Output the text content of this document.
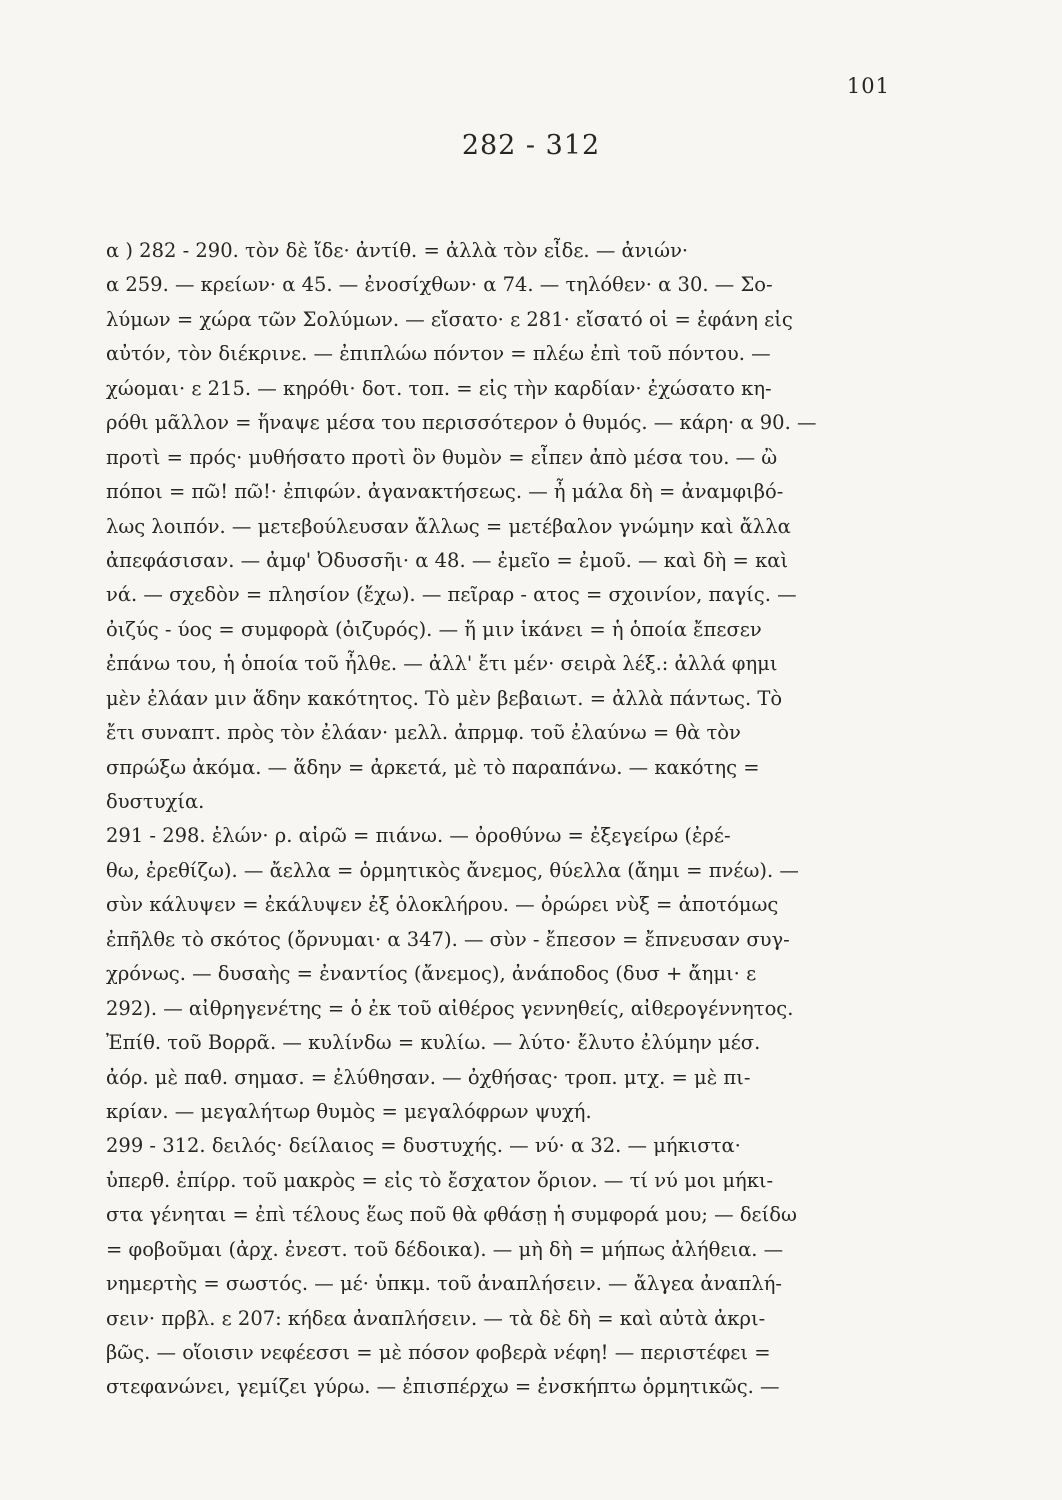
101
282 - 312
α ) 282 - 290. τὸν δὲ ἴδε· ἀντίθ. = ἀλλὰ τὸν εἶδε. — ἀνιών·
α 259. — κρείων· α 45. — ἐνοσίχθων· α 74. — τηλόθεν· α 30. — Σο-
λύμων = χώρα τῶν Σολύμων. — εἴσατο· ε 281· εἴσατό οἱ = ἐφάνη εἰς
αὐτόν, τὸν διέκρινε. — ἐπιπλώω πόντον = πλέω ἐπὶ τοῦ πόντου. —
χώομαι· ε 215. — κηρόθι· δοτ. τοπ. = εἰς τὴν καρδίαν· ἐχώσατο κη-
ρόθι μᾶλλον = ἥναψε μέσα του περισσότερον ὁ θυμός. — κάρη· α 90. —
προτὶ = πρός· μυθήσατο προτὶ ὃν θυμὸν = εἶπεν ἀπὸ μέσα του. — ὢ
πόποι = πῶ! πῶ!· ἐπιφών. ἀγανακτήσεως. — ἦ μάλα δὴ = ἀναμφιβό-
λως λοιπόν. — μετεβούλευσαν ἄλλως = μετέβαλον γνώμην καὶ ἄλλα
ἀπεφάσισαν. — ἀμφ' Ὀδυσσῆι· α 48. — ἐμεῖο = ἐμοῦ. — καὶ δὴ = καὶ
νά. — σχεδὸν = πλησίον (ἔχω). — πεῖραρ - ατος = σχοινίον, παγίς. —
ὀιζύς - ύος = συμφορὰ (ὀιζυρός). — ἥ μιν ἱκάνει = ἡ ὁποία ἔπεσεν
ἐπάνω του, ἡ ὁποία τοῦ ἦλθε. — ἀλλ' ἔτι μέν· σειρὰ λέξ.: ἀλλά φημι
μὲν ἐλάαν μιν ἅδην κακότητος. Τὸ μὲν βεβαιωτ. = ἀλλὰ πάντως. Τὸ
ἔτι συναπτ. πρὸς τὸν ἐλάαν· μελλ. ἀπρμφ. τοῦ ἐλαύνω = θὰ τὸν
σπρώξω ἀκόμα. — ἅδην = ἀρκετά, μὲ τὸ παραπάνω. — κακότης =
δυστυχία.
291 - 298. ἑλών· ρ. αἱρῶ = πιάνω. — ὀροθύνω = ἐξεγείρω (ἐρέ-
θω, ἐρεθίζω). — ἄελλα = ὁρμητικὸς ἄνεμος, θύελλα (ἄημι = πνέω). —
σὺν κάλυψεν = ἐκάλυψεν ἐξ ὁλοκλήρου. — ὀρώρει νὺξ = ἀποτόμως
ἐπῆλθε τὸ σκότος (ὄρνυμαι· α 347). — σὺν - ἔπεσον = ἔπνευσαν συγ-
χρόνως. — δυσαὴς = ἐναντίος (ἄνεμος), ἀνάποδος (δυσ + ἄημι· ε
292). — αἰθρηγενέτης = ὁ ἐκ τοῦ αἰθέρος γεννηθείς, αἰθερογέννητος.
Ἐπίθ. τοῦ Βορρᾶ. — κυλίνδω = κυλίω. — λύτο· ἔλυτο ἐλύμην μέσ.
ἀόρ. μὲ παθ. σημασ. = ἐλύθησαν. — ὀχθήσας· τροπ. μτχ. = μὲ πι-
κρίαν. — μεγαλήτωρ θυμὸς = μεγαλόφρων ψυχή.
299 - 312. δειλός· δείλαιος = δυστυχής. — νύ· α 32. — μήκιστα·
ὑπερθ. ἐπίρρ. τοῦ μακρὸς = εἰς τὸ ἔσχατον ὅριον. — τί νύ μοι μήκι-
στα γένηται = ἐπὶ τέλους ἕως ποῦ θὰ φθάσῃ ἡ συμφορά μου; — δείδω
= φοβοῦμαι (ἀρχ. ἐνεστ. τοῦ δέδοικα). — μὴ δὴ = μήπως ἀλήθεια. —
νημερτὴς = σωστός. — μέ· ὑπκμ. τοῦ ἀναπλήσειν. — ἄλγεα ἀναπλή-
σειν· πρβλ. ε 207: κήδεα ἀναπλήσειν. — τὰ δὲ δὴ = καὶ αὐτὰ ἀκρι-
βῶς. — οἵοισιν νεφέεσσι = μὲ πόσον φοβερὰ νέφη! — περιστέφει =
στεφανώνει, γεμίζει γύρω. — ἐπισπέρχω = ἐνσκήπτω ὁρμητικῶς. —
